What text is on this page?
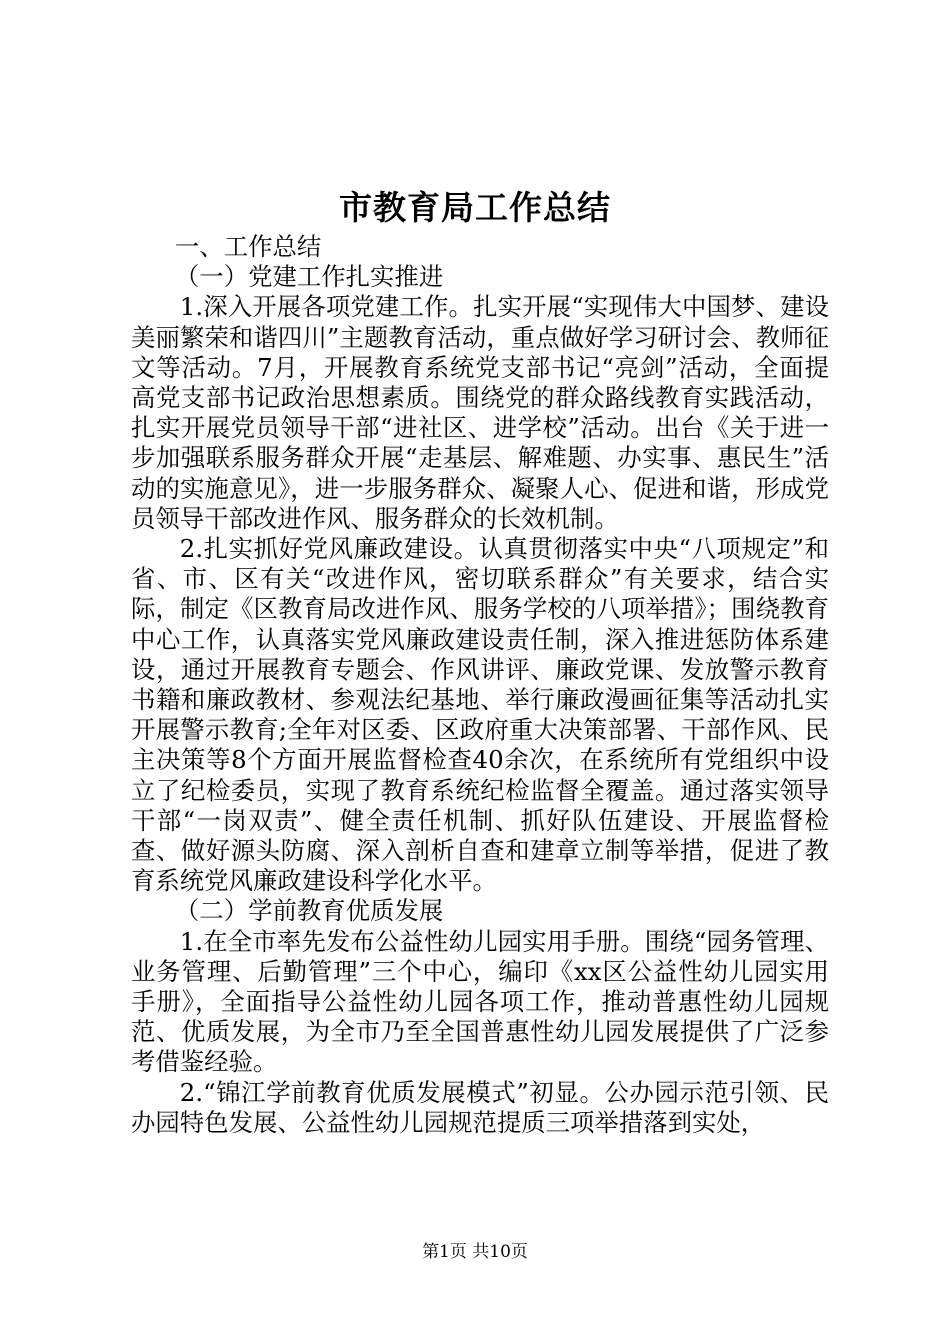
市教育局工作总结

一、工作总结

（一）党建工作扎实推进

1.深入开展各项党建工作。扎实开展“实现伟大中国梦、建设美丽繁荣和谐四川”主题教育活动，重点做好学习研讨会、教师征文等活动。7月，开展教育系统党支部书记“亮剑”活动，全面提高党支部书记政治思想素质。围绕党的群众路线教育实践活动，扎实开展党员领导干部“进社区、进学校”活动。出台《关于进一步加强联系服务群众开展“走基层、解难题、办实事、惠民生”活动的实施意见》，进一步服务群众、凝聚人心、促进和谐，形成党员领导干部改进作风、服务群众的长效机制。

2.扎实抓好党风廉政建设。认真贯彻落实中央“八项规定”和省、市、区有关“改进作风，密切联系群众”有关要求，结合实际，制定《区教育局改进作风、服务学校的八项举措》；围绕教育中心工作，认真落实党风廉政建设责任制，深入推进惩防体系建设，通过开展教育专题会、作风讲评、廉政党课、发放警示教育书籍和廉政教材、参观法纪基地、举行廉政漫画征集等活动扎实开展警示教育;全年对区委、区政府重大决策部署、干部作风、民主决策等8个方面开展监督检查40余次，在系统所有党组织中设立了纪检委员，实现了教育系统纪检监督全覆盖。通过落实领导干部“一岗双责”、健全责任机制、抓好队伍建设、开展监督检查、做好源头防腐、深入剖析自查和建章立制等举措，促进了教育系统党风廉政建设科学化水平。

（二）学前教育优质发展

1.在全市率先发布公益性幼儿园实用手册。围绕“园务管理、业务管理、后勤管理”三个中心，编印《xx区公益性幼儿园实用手册》，全面指导公益性幼儿园各项工作，推动普惠性幼儿园规范、优质发展，为全市乃至全国普惠性幼儿园发展提供了广泛参考借鉴经验。

2.“锦江学前教育优质发展模式”初显。公办园示范引领、民办园特色发展、公益性幼儿园规范提质三项举措落到实处，

第1页 共10页
